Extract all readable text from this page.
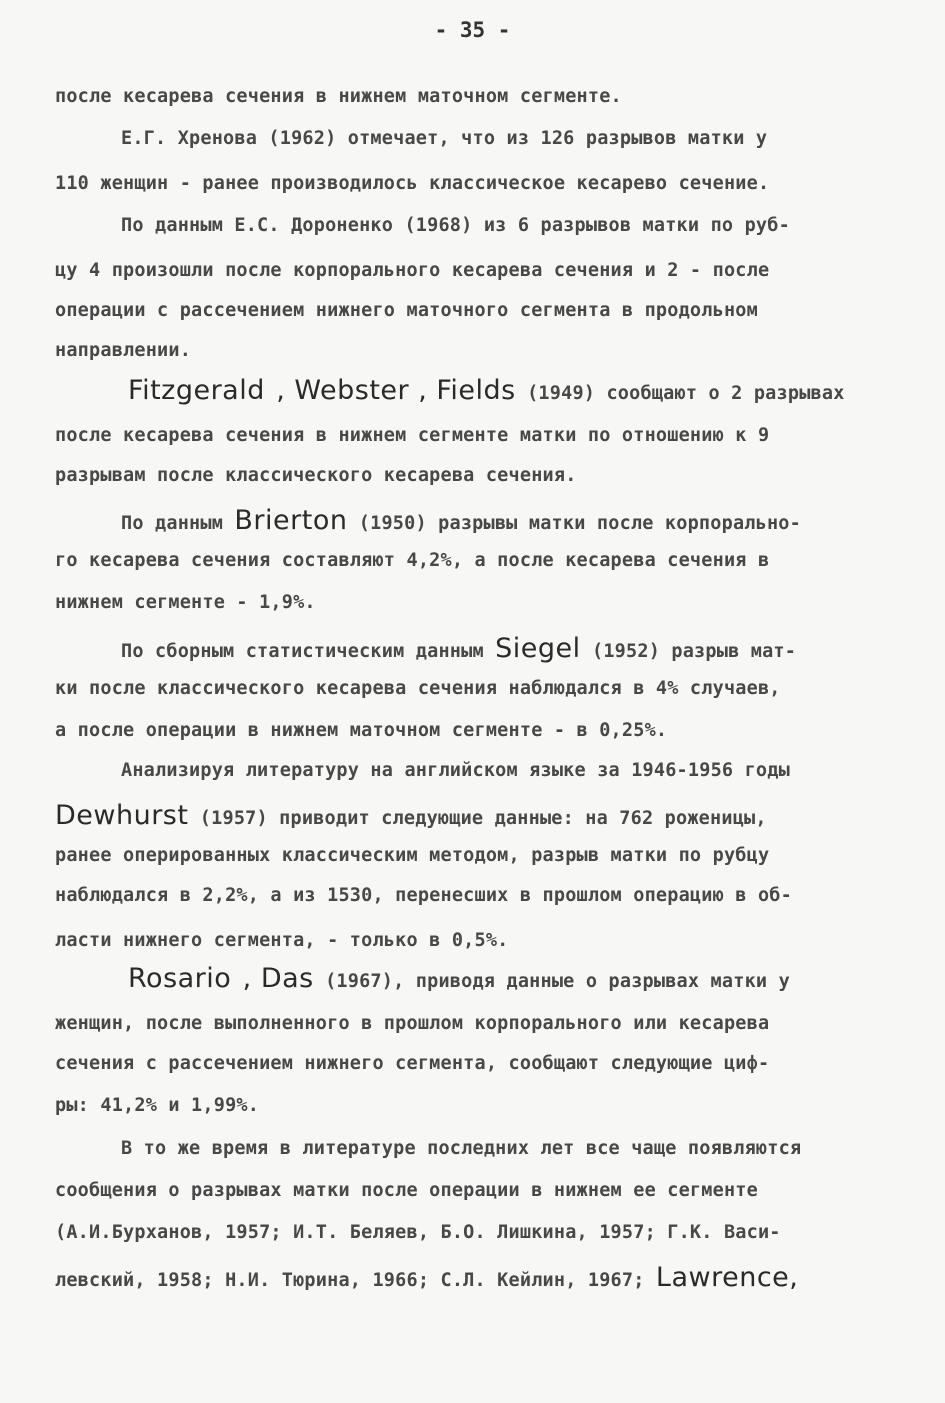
- 35 -
после кесарева сечения в нижнем маточном сегменте.
Е.Г. Хренова (1962) отмечает, что из 126 разрывов матки у
110 женщин - ранее производилось классическое кесарево сечение.
По данным Е.С. Дороненко (1968) из 6 разрывов матки по руб-
цу 4 произошли после корпорального кесарева сечения и 2 - после
операции с рассечением нижнего маточного сегмента в продольном
направлении.
Fitzgerald , Webster , Fields (1949) сообщают о 2 разрывах
после кесарева сечения в нижнем сегменте матки по отношению к 9
разрывам после классического кесарева сечения.
По данным Brierton (1950) разрывы матки после корпорально-
го кесарева сечения составляют 4,2%, а после кесарева сечения в
нижнем сегменте - 1,9%.
По сборным статистическим данным Siegel (1952) разрыв мат-
ки после классического кесарева сечения наблюдался в 4% случаев,
а после операции в нижнем маточном сегменте - в 0,25%.
Анализируя литературу на английском языке за 1946-1956 годы
Dewhurst (1957) приводит следующие данные: на 762 роженицы,
ранее оперированных классическим методом, разрыв матки по рубцу
наблюдался в 2,2%, а из 1530, перенесших в прошлом операцию в об-
ласти нижнего сегмента, - только в 0,5%.
Rosario , Das (1967), приводя данные о разрывах матки у
женщин, после выполненного в прошлом корпорального или кесарева
сечения с рассечением нижнего сегмента, сообщают следующие циф-
ры: 41,2% и 1,99%.
В то же время в литературе последних лет все чаще появляются
сообщения о разрывах матки после операции в нижнем ее сегменте
(А.И.Бурханов, 1957; И.Т. Беляев, Б.О. Лишкина, 1957; Г.К. Васи-
левский, 1958; Н.И. Тюрина, 1966; С.Л. Кейлин, 1967; Lawrence,
